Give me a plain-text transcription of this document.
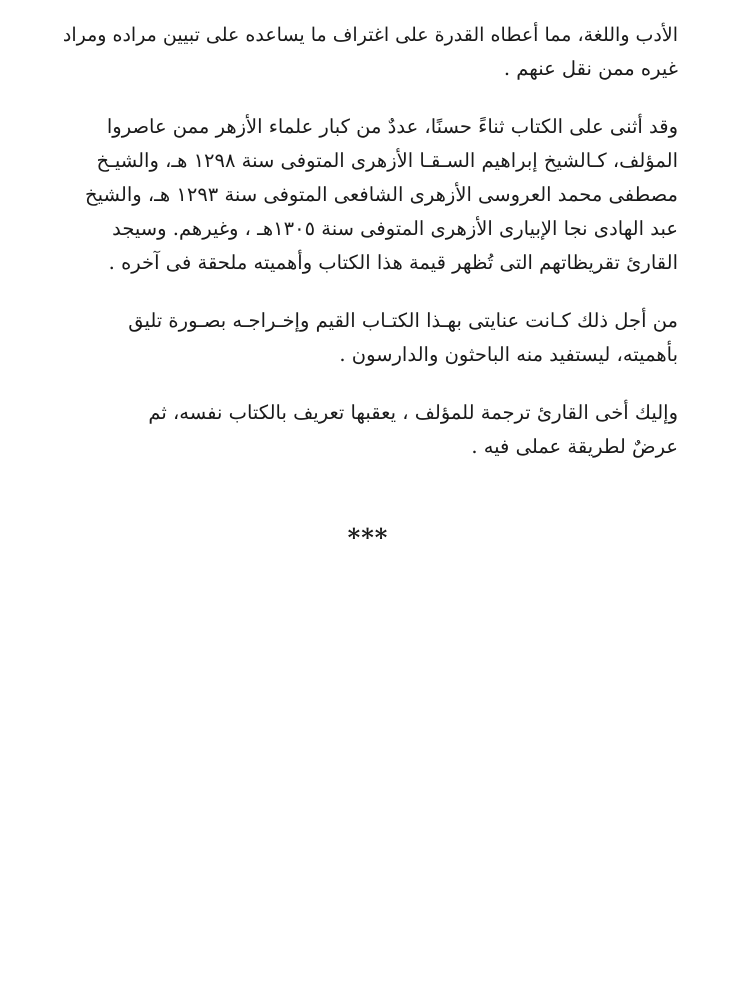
الأدب واللغة، مما أعطاه القدرة على اغتراف ما يساعده على تبيين مراده ومراد
غيره ممن نقل عنهم .
وقد أثنى على الكتاب ثناءً حسنًا، عددٌ من كبار علماء الأزهر ممن عاصروا
المؤلف، كـالشيخ إبراهيم السـقـا الأزهرى المتوفى سنة ١٢٩٨ هـ، والشيـخ
مصطفى محمد العروسى الأزهرى الشافعى المتوفى سنة ١٢٩٣ هـ، والشيخ
عبد الهادى نجا الإبيارى الأزهرى المتوفى سنة ١٣٠٥هـ ، وغيرهم. وسيجد
القارئ تقريظاتهم التى تُظهر قيمة هذا الكتاب وأهميته ملحقة فى آخره .
من أجل ذلك كـانت عنايتى بهـذا الكتـاب القيم وإخـراجـه بصـورة تليق
بأهميته، ليستفيد منه الباحثون والدارسون .
وإليك أخى القارئ ترجمة للمؤلف ، يعقبها تعريف بالكتاب نفسه، ثم
عرضٌ لطريقة عملى فيه .
***
